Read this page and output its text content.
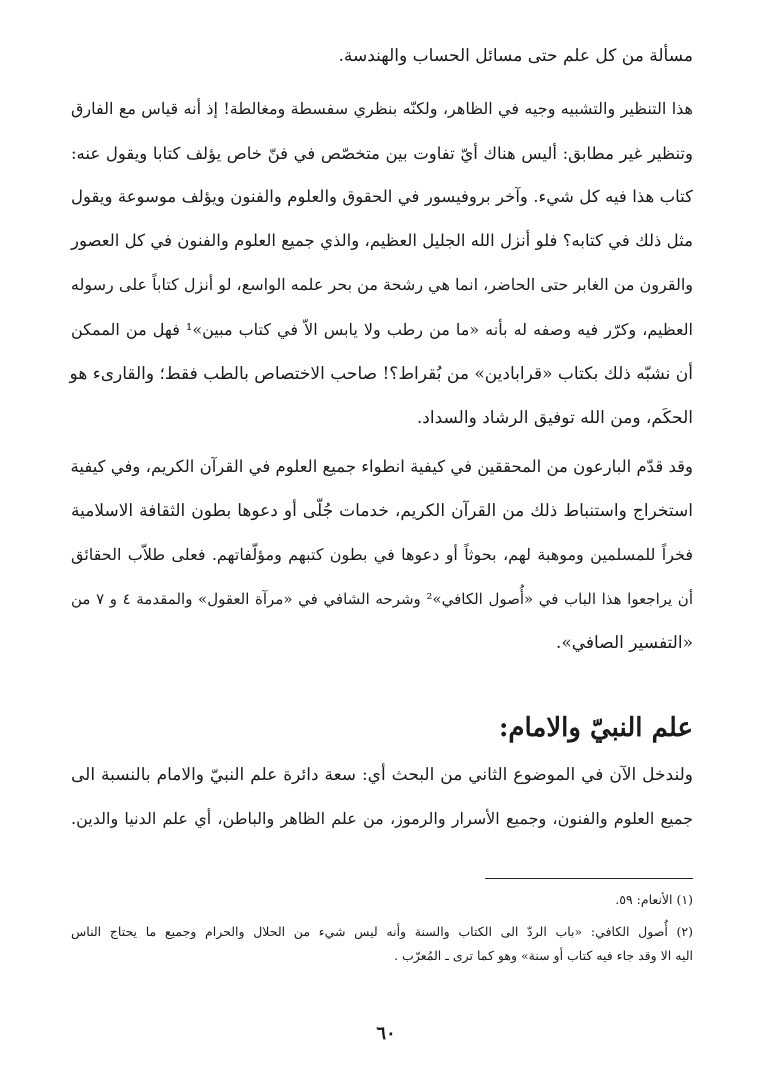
مسألة من كل علم حتى مسائل الحساب والهندسة.
هذا التنظير والتشبيه وجيه في الظاهر، ولكنّه بنظري سفسطة ومغالطة! إذ أنه قياس مع الفارق
وتنظير غير مطابق: أليس هناك أيّ تفاوت بين متخصّص في فنّ خاص يؤلف كتابا ويقول عنه:
كتاب هذا فيه كل شيء. وآخر بروفيسور في الحقوق والعلوم والفنون ويؤلف موسوعة ويقول
مثل ذلك في كتابه؟ فلو أنزل الله الجليل العظيم، والذي جميع العلوم والفنون في كل العصور
والقرون من الغابر حتى الحاضر، انما هي رشحة من بحر علمه الواسع، لو أنزل كتاباً على رسوله
العظيم، وكرّر فيه وصفه له بأنه «ما من رطب ولا يابس الاّ في كتاب مبين»¹ فهل من الممكن
أن نشبّه ذلك بكتاب «قرابادين» من بُقراط؟! صاحب الاختصاص بالطب فقط؛ والقارىء هو
الحكَم، ومن الله توفيق الرشاد والسداد.
وقد قدّم البارعون من المحققين في كيفية انطواء جميع العلوم في القرآن الكريم، وفي كيفية
استخراج واستنباط ذلك من القرآن الكريم، خدمات جُلّى أو دعوها بطون الثقافة الاسلامية
فخراً للمسلمين وموهبة لهم، بحوثاً أو دعوها في بطون كتبهم ومؤلّفاتهم. فعلى طلاّب الحقائق
أن يراجعوا هذا الباب في «أُصول الكافي»² وشرحه الشافي في «مرآة العقول» والمقدمة ٤ و ٧ من
«التفسير الصافي».
علم النبيّ والامام:
ولندخل الآن في الموضوع الثاني من البحث أي: سعة دائرة علم النبيّ والامام بالنسبة الى
جميع العلوم والفنون، وجميع الأسرار والرموز، من علم الظاهر والباطن، أي علم الدنيا والدين.
(١) الأنعام: ٥٩.
(٢) أُصول الكافي: «باب الردّ الى الكتاب والسنة وأنه ليس شيء من الحلال والحرام وجميع ما يحتاج الناس
اليه الا وقد جاء فيه كتاب أو سنة» وهو كما ترى ـ المُعرّب .
٦٠
